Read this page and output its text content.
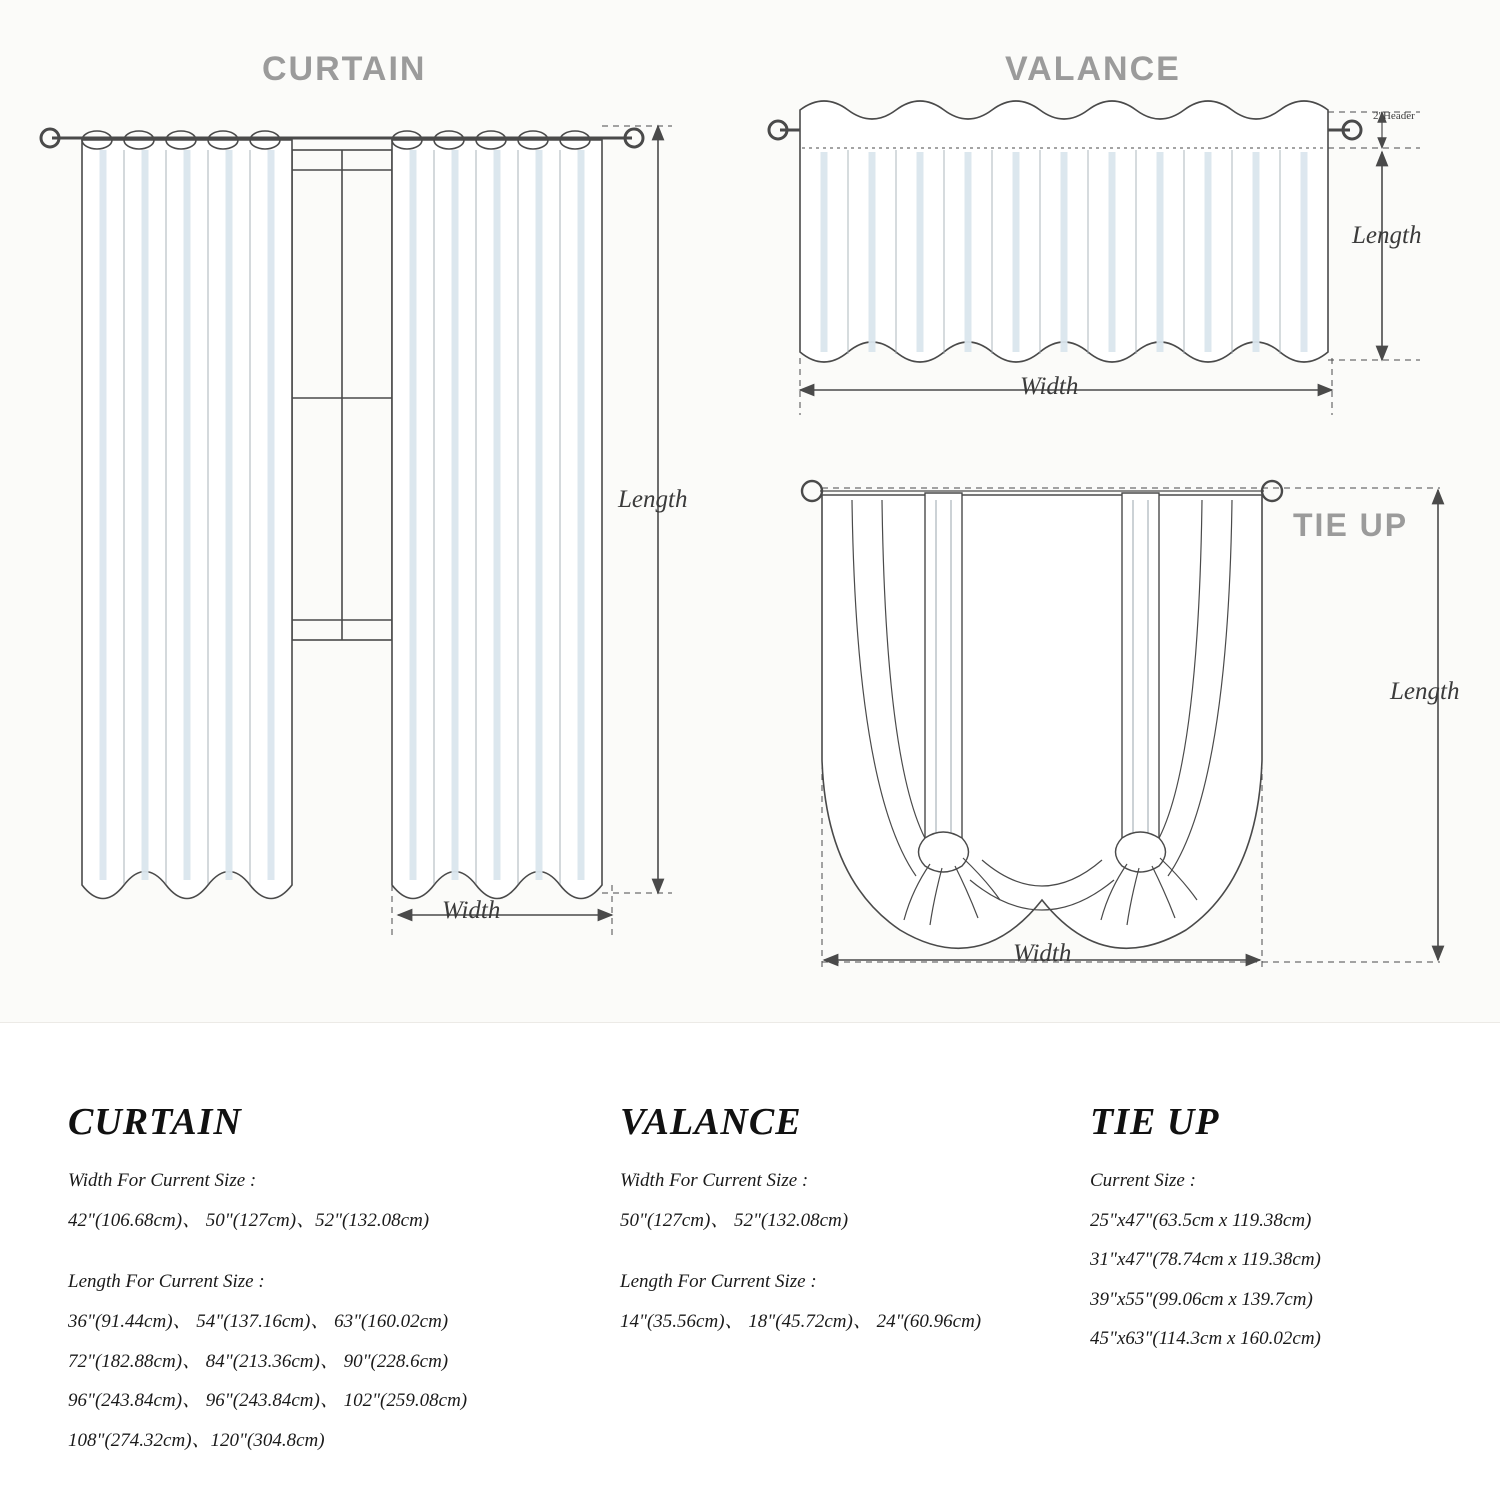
CURTAIN	VALANCE
TIE UP
Length
Width
Length
Width
2"Header
Length
Width
CURTAIN
Width For Current Size :
42"(106.68cm)、 50"(127cm)、52"(132.08cm)
Length For Current Size :
36"(91.44cm)、 54"(137.16cm)、 63"(160.02cm)
72"(182.88cm)、 84"(213.36cm)、 90"(228.6cm)
96"(243.84cm)、 96"(243.84cm)、 102"(259.08cm)
108"(274.32cm)、120"(304.8cm)
VALANCE
Width For Current Size :
50"(127cm)、 52"(132.08cm)
Length For Current Size :
14"(35.56cm)、 18"(45.72cm)、 24"(60.96cm)
TIE UP
Current Size :
25"x47"(63.5cm x 119.38cm)
31"x47"(78.74cm x 119.38cm)
39"x55"(99.06cm x 139.7cm)
45"x63"(114.3cm x 160.02cm)
